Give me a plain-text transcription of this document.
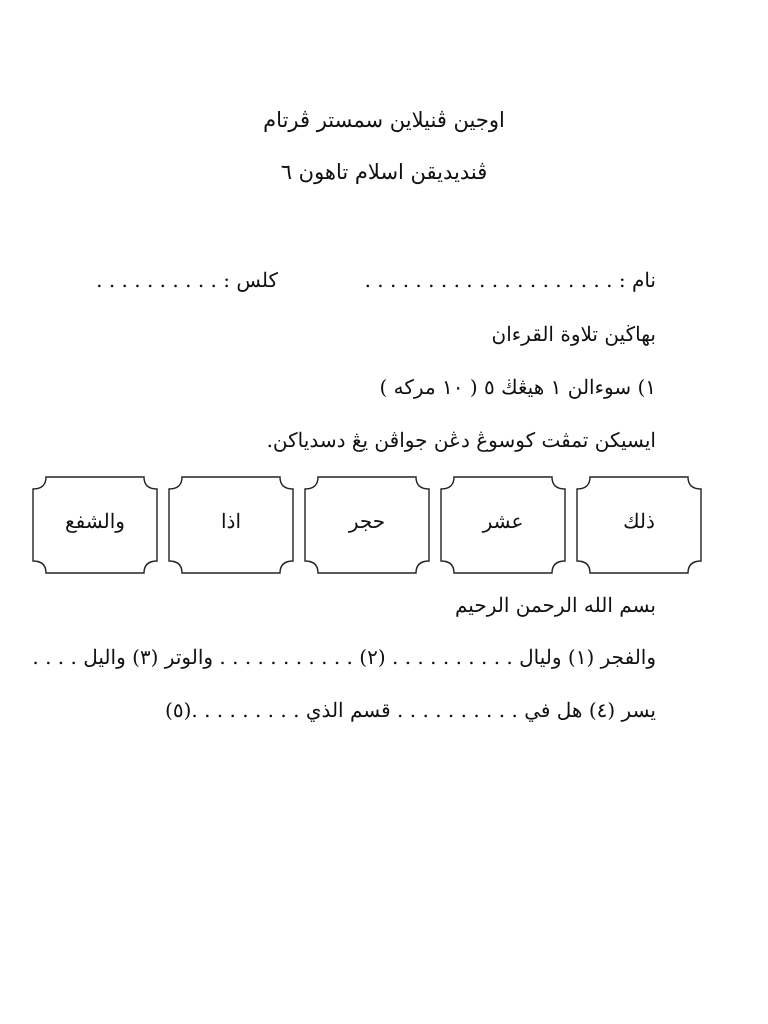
اوجين ڤنيلاين سمستر ڤرتام
ڤنديديقن اسلام تاهون ٦
نام : . . . . . . . . . . . . . . . . . . . .
كلس : . . . . . . . . . .
بهاڬين تلاوة القرءان
١) سوءالن ١ هيڠڬ ٥ ( ١٠ مركه )
ايسيكن تمڤت كوسوڠ دڠن جواڤن يڠ دسدياكن.
ذلك
عشر
حجر
اذا
والشفع
بسم الله الرحمن الرحيم
والفجر (١) وليال . . . . . . . . . . (٢) . . . . . . . . . . . والوتر (٣) والیل . . . .
يسر (٤) هل في . . . . . . . . . . قسم الذي . . . . . . . . .(٥)
